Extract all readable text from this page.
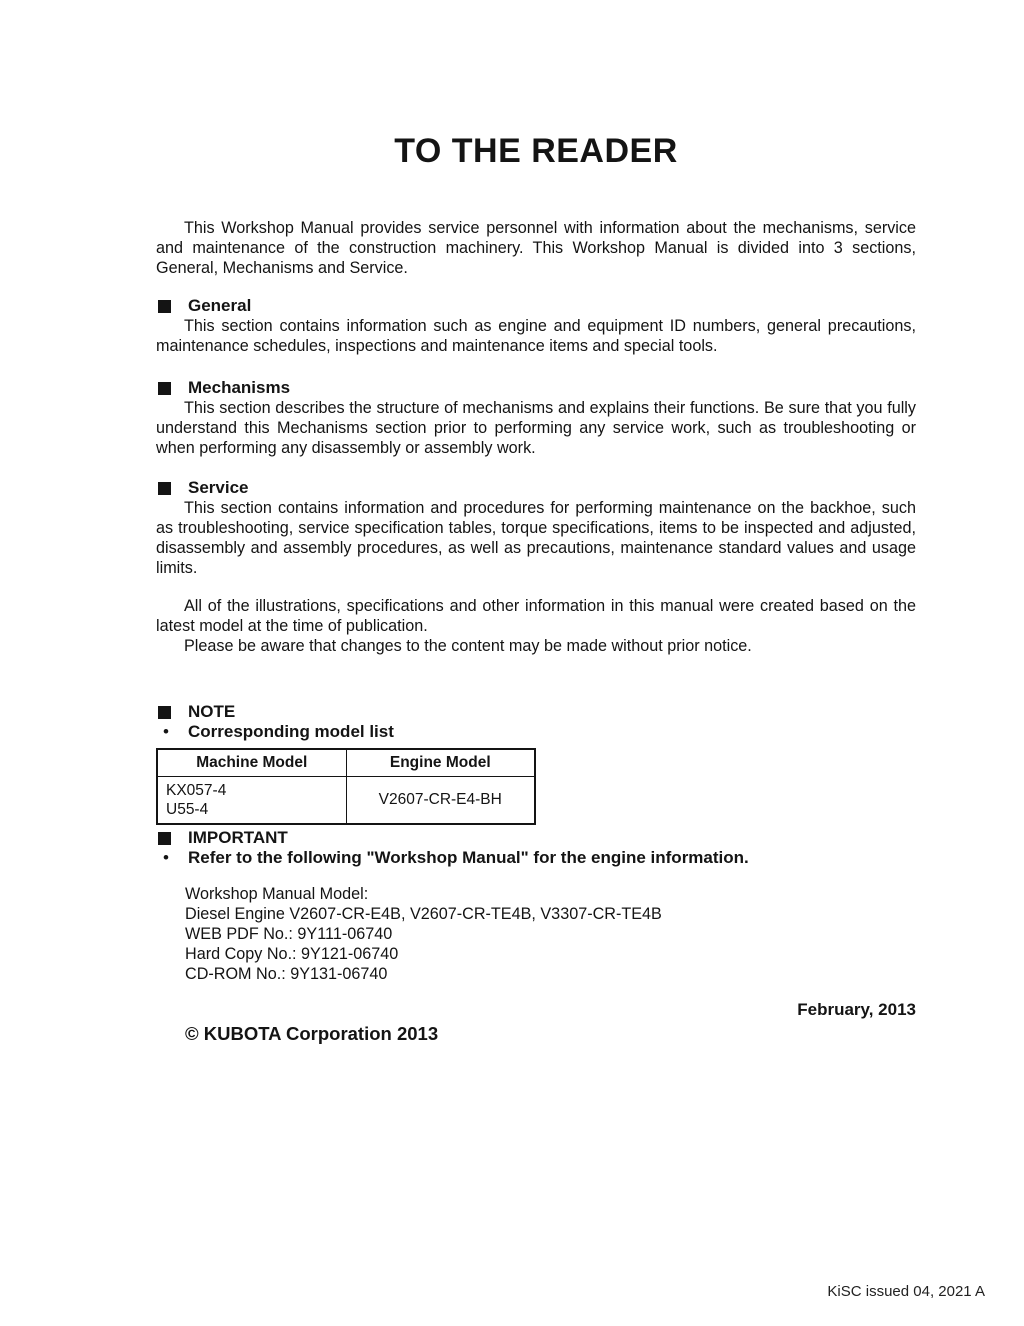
TO THE READER

This Workshop Manual provides service personnel with information about the mechanisms, service and maintenance of the construction machinery. This Workshop Manual is divided into 3 sections, General, Mechanisms and Service.

General

This section contains information such as engine and equipment ID numbers, general precautions, maintenance schedules, inspections and maintenance items and special tools.

Mechanisms

This section describes the structure of mechanisms and explains their functions. Be sure that you fully understand this Mechanisms section prior to performing any service work, such as troubleshooting or when performing any disassembly or assembly work.

Service

This section contains information and procedures for performing maintenance on the backhoe, such as troubleshooting, service specification tables, torque specifications, items to be inspected and adjusted, disassembly and assembly procedures, as well as precautions, maintenance standard values and usage limits.

All of the illustrations, specifications and other information in this manual were created based on the latest model at the time of publication.

Please be aware that changes to the content may be made without prior notice.

NOTE
•	Corresponding model list
Machine Model	Engine Model

KX057-4
U55-4	V2607-CR-E4-BH
IMPORTANT
•	Refer to the following "Workshop Manual" for the engine information.
Workshop Manual Model:
Diesel Engine V2607-CR-E4B, V2607-CR-TE4B, V3307-CR-TE4B
WEB PDF No.: 9Y111-06740
Hard Copy No.: 9Y121-06740
CD-ROM No.: 9Y131-06740
February, 2013
© KUBOTA Corporation 2013
KiSC issued 04, 2021 A
